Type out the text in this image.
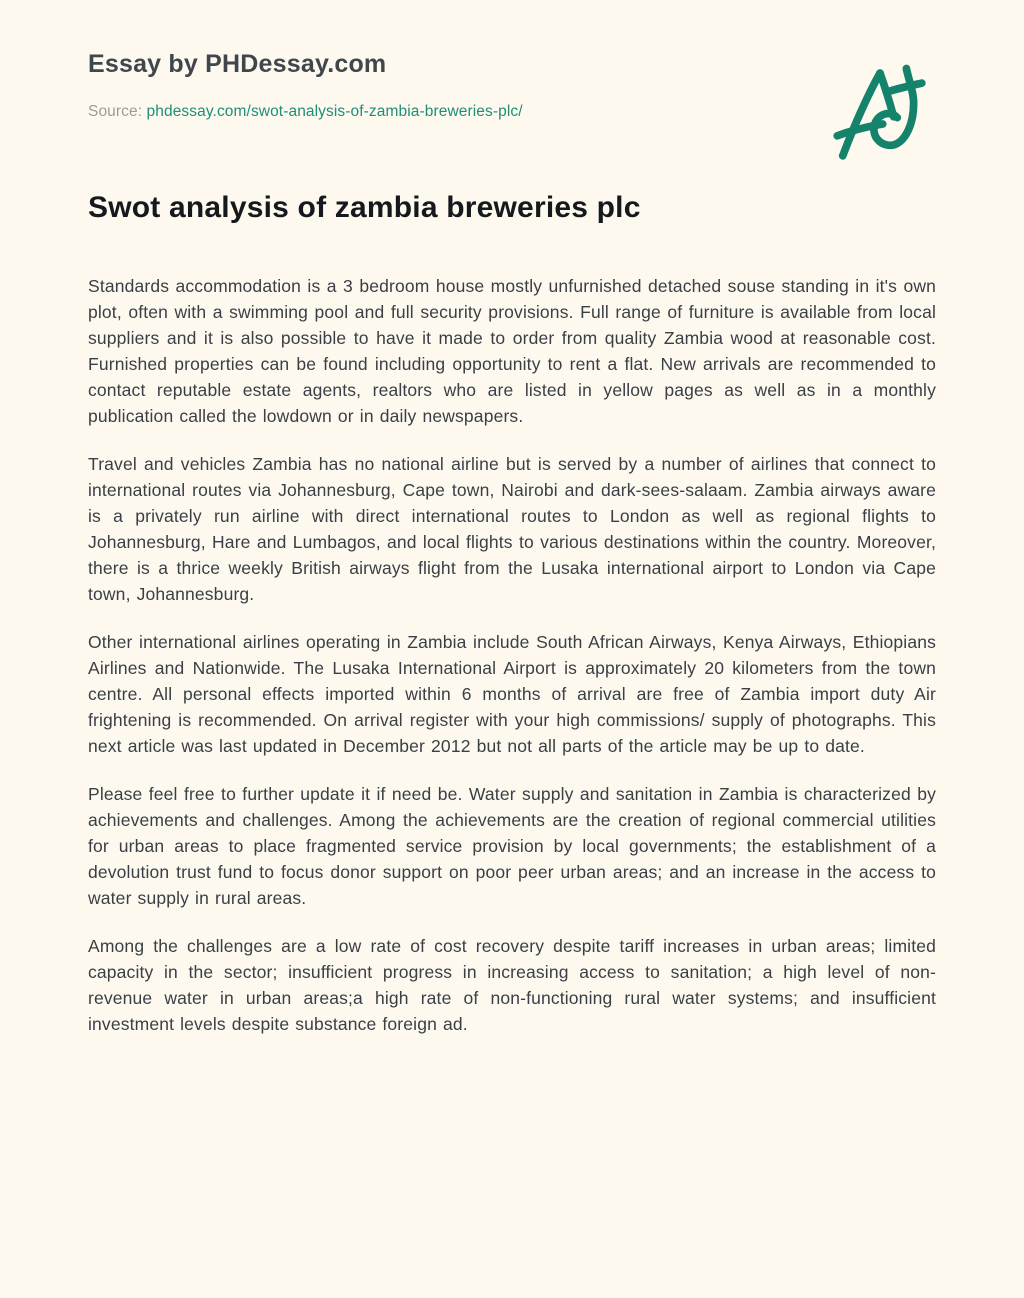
Essay by PHDessay.com
Source: phdessay.com/swot-analysis-of-zambia-breweries-plc/
Swot analysis of zambia breweries plc

Standards accommodation is a 3 bedroom house mostly unfurnished detached souse standing in it's own plot, often with a swimming pool and full security provisions. Full range of furniture is available from local suppliers and it is also possible to have it made to order from quality Zambia wood at reasonable cost. Furnished properties can be found including opportunity to rent a flat. New arrivals are recommended to contact reputable estate agents, realtors who are listed in yellow pages as well as in a monthly publication called the lowdown or in daily newspapers.

Travel and vehicles Zambia has no national airline but is served by a number of airlines that connect to international routes via Johannesburg, Cape town, Nairobi and dark-sees-salaam. Zambia airways aware is a privately run airline with direct international routes to London as well as regional flights to Johannesburg, Hare and Lumbagos, and local flights to various destinations within the country. Moreover, there is a thrice weekly British airways flight from the Lusaka international airport to London via Cape town, Johannesburg.

Other international airlines operating in Zambia include South African Airways, Kenya Airways, Ethiopians Airlines and Nationwide. The Lusaka International Airport is approximately 20 kilometers from the town centre. All personal effects imported within 6 months of arrival are free of Zambia import duty Air frightening is recommended. On arrival register with your high commissions/ supply of photographs. This next article was last updated in December 2012 but not all parts of the article may be up to date.

Please feel free to further update it if need be. Water supply and sanitation in Zambia is characterized by achievements and challenges. Among the achievements are the creation of regional commercial utilities for urban areas to place fragmented service provision by local governments; the establishment of a devolution trust fund to focus donor support on poor peer urban areas; and an increase in the access to water supply in rural areas.

Among the challenges are a low rate of cost recovery despite tariff increases in urban areas; limited capacity in the sector; insufficient progress in increasing access to sanitation; a high level of non- revenue water in urban areas;a high rate of non-functioning rural water systems; and insufficient investment levels despite substance foreign ad.
